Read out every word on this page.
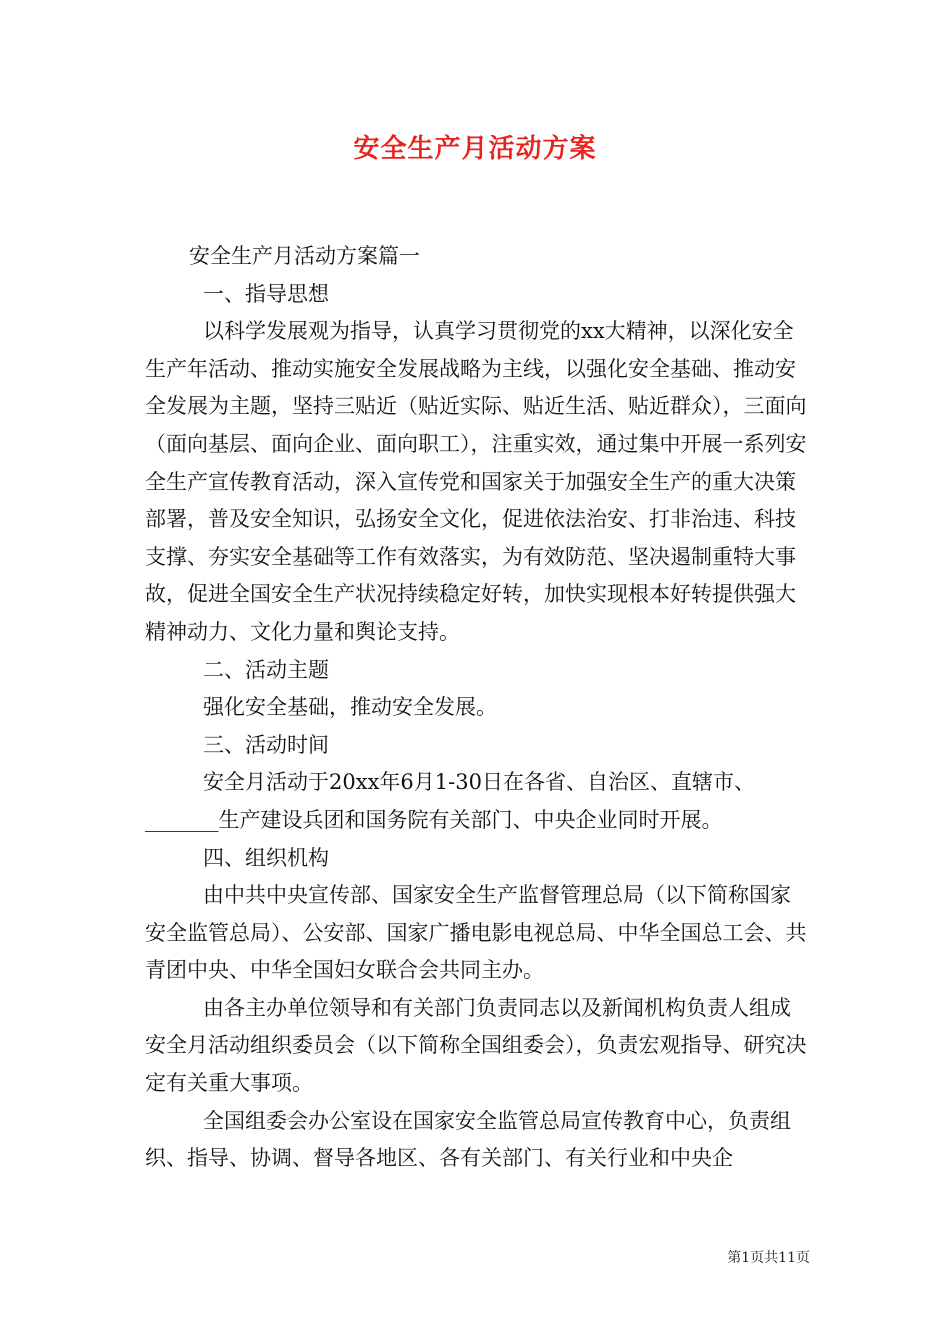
安全生产月活动方案

安全生产月活动方案篇一

一、指导思想

以科学发展观为指导，认真学习贯彻党的xx大精神，以深化安全生产年活动、推动实施安全发展战略为主线，以强化安全基础、推动安全发展为主题，坚持三贴近（贴近实际、贴近生活、贴近群众），三面向（面向基层、面向企业、面向职工），注重实效，通过集中开展一系列安全生产宣传教育活动，深入宣传党和国家关于加强安全生产的重大决策部署，普及安全知识，弘扬安全文化，促进依法治安、打非治违、科技支撑、夯实安全基础等工作有效落实，为有效防范、坚决遏制重特大事故，促进全国安全生产状况持续稳定好转，加快实现根本好转提供强大精神动力、文化力量和舆论支持。

二、活动主题

强化安全基础，推动安全发展。

三、活动时间

安全月活动于20xx年6月1-30日在各省、自治区、直辖市、_______生产建设兵团和国务院有关部门、中央企业同时开展。

四、组织机构

由中共中央宣传部、国家安全生产监督管理总局（以下简称国家安全监管总局）、公安部、国家广播电影电视总局、中华全国总工会、共青团中央、中华全国妇女联合会共同主办。

由各主办单位领导和有关部门负责同志以及新闻机构负责人组成安全月活动组织委员会（以下简称全国组委会），负责宏观指导、研究决定有关重大事项。

全国组委会办公室设在国家安全监管总局宣传教育中心，负责组织、指导、协调、督导各地区、各有关部门、有关行业和中央企

第1页共11页
